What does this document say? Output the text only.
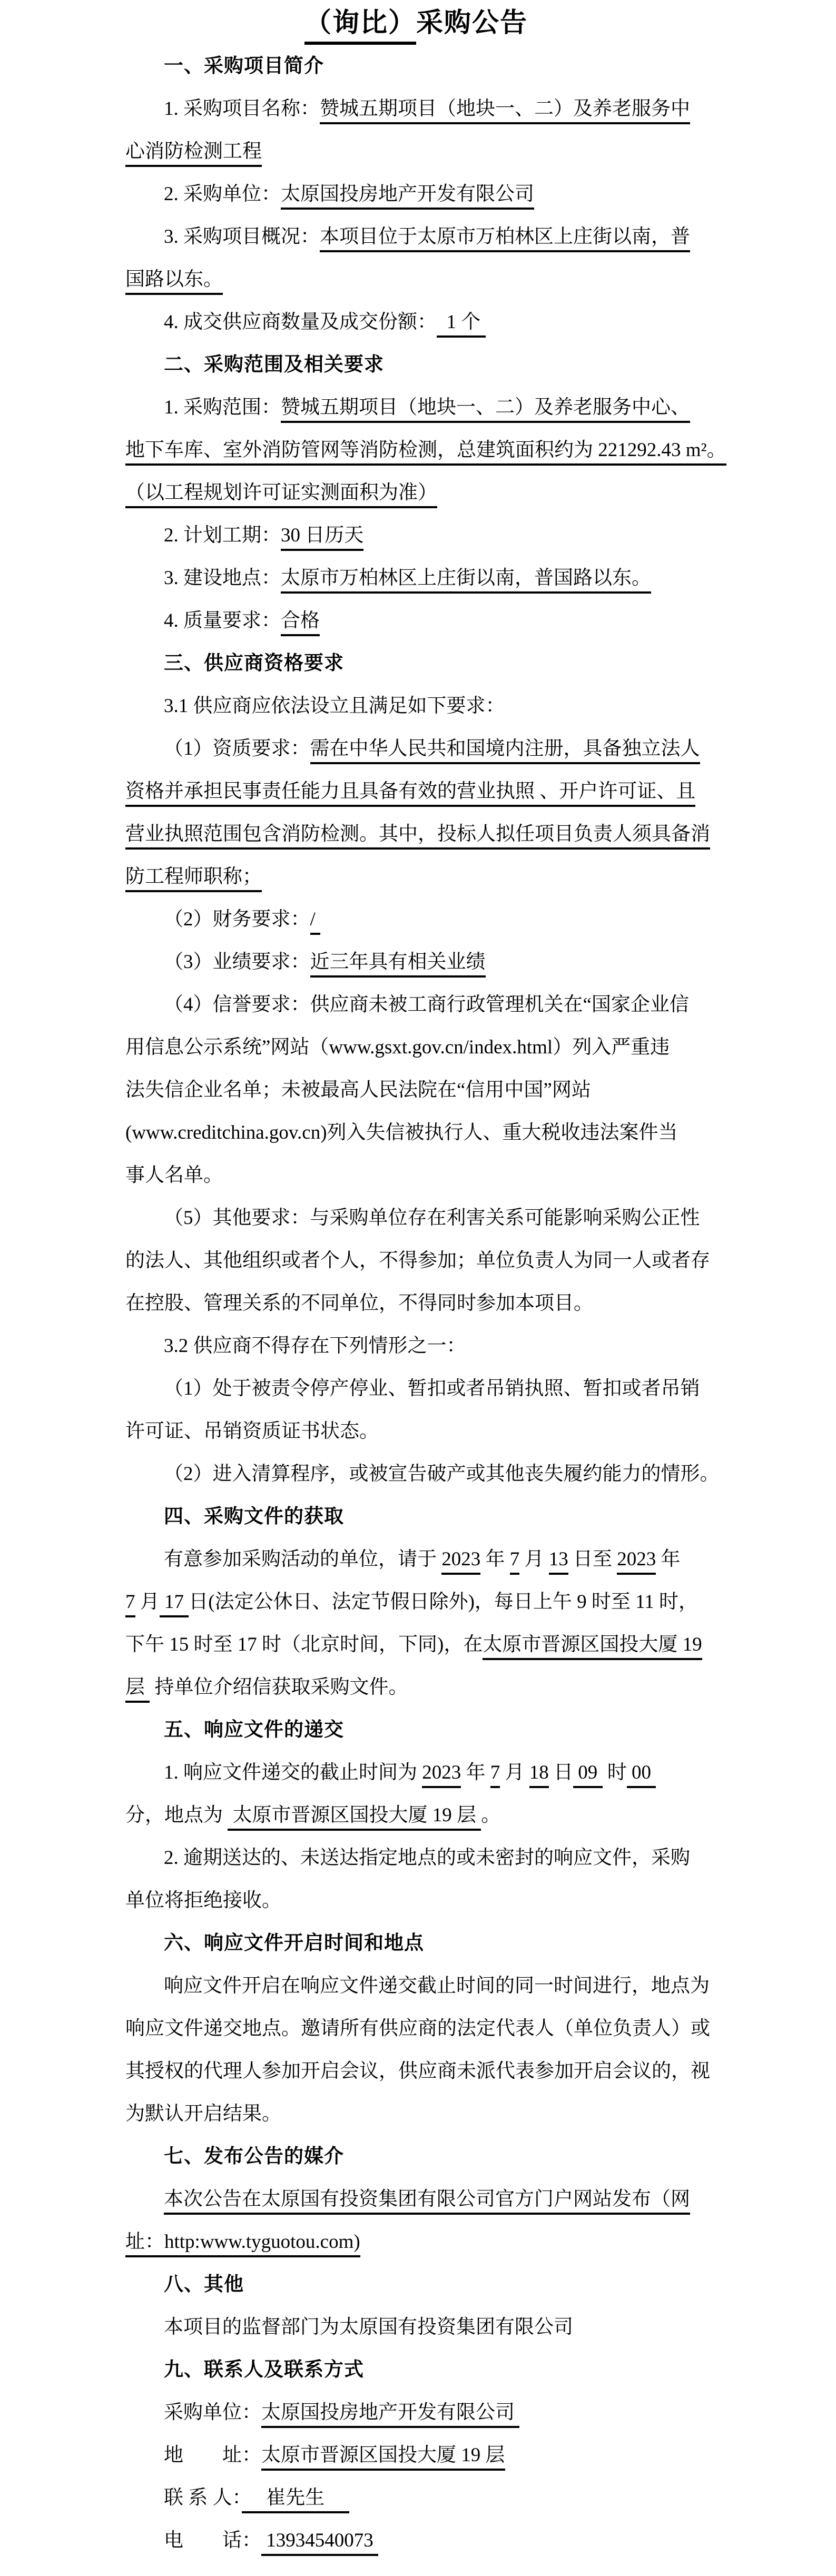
（询比）采购公告
一、采购项目简介
1. 采购项目名称：赞城五期项目（地块一、二）及养老服务中
心消防检测工程
2. 采购单位：太原国投房地产开发有限公司
3. 采购项目概况：本项目位于太原市万柏林区上庄街以南，普
国路以东。
4. 成交供应商数量及成交份额：  1 个
二、采购范围及相关要求
1. 采购范围：赞城五期项目（地块一、二）及养老服务中心、
地下车库、室外消防管网等消防检测，总建筑面积约为 221292.43 m²。
（以工程规划许可证实测面积为准）
2. 计划工期：30 日历天
3. 建设地点：太原市万柏林区上庄街以南，普国路以东。
4. 质量要求：合格
三、供应商资格要求
3.1 供应商应依法设立且满足如下要求：
（1）资质要求：需在中华人民共和国境内注册，具备独立法人
资格并承担民事责任能力且具备有效的营业执照 、开户许可证、且
营业执照范围包含消防检测。其中，投标人拟任项目负责人须具备消
防工程师职称；
（2）财务要求：/
（3）业绩要求：近三年具有相关业绩
（4）信誉要求：供应商未被工商行政管理机关在“国家企业信
用信息公示系统”网站（www.gsxt.gov.cn/index.html）列入严重违
法失信企业名单；未被最高人民法院在“信用中国”网站
(www.creditchina.gov.cn)列入失信被执行人、重大税收违法案件当
事人名单。
（5）其他要求：与采购单位存在利害关系可能影响采购公正性
的法人、其他组织或者个人，不得参加；单位负责人为同一人或者存
在控股、管理关系的不同单位，不得同时参加本项目。
3.2 供应商不得存在下列情形之一：
（1）处于被责令停产停业、暂扣或者吊销执照、暂扣或者吊销
许可证、吊销资质证书状态。
（2）进入清算程序，或被宣告破产或其他丧失履约能力的情形。
四、采购文件的获取
有意参加采购活动的单位，请于 2023 年 7 月 13 日至 2023 年
7 月 17 日(法定公休日、法定节假日除外)，每日上午 9 时至 11 时，
下午 15 时至 17 时（北京时间，下同)，在太原市晋源区国投大厦 19
层  持单位介绍信获取采购文件。
五、响应文件的递交
1. 响应文件递交的截止时间为 2023 年 7 月 18 日 09  时 00
分，地点为  太原市晋源区国投大厦 19 层 。
2. 逾期送达的、未送达指定地点的或未密封的响应文件，采购
单位将拒绝接收。
六、响应文件开启时间和地点
响应文件开启在响应文件递交截止时间的同一时间进行，地点为
响应文件递交地点。邀请所有供应商的法定代表人（单位负责人）或
其授权的代理人参加开启会议，供应商未派代表参加开启会议的，视
为默认开启结果。
七、发布公告的媒介
本次公告在太原国有投资集团有限公司官方门户网站发布（网
址：http:www.tyguotou.com)
八、其他
本项目的监督部门为太原国有投资集团有限公司
九、联系人及联系方式
采购单位：太原国投房地产开发有限公司
地　　址：太原市晋源区国投大厦 19 层
联 系 人：　 崔先生 　
电　　话： 13934540073
